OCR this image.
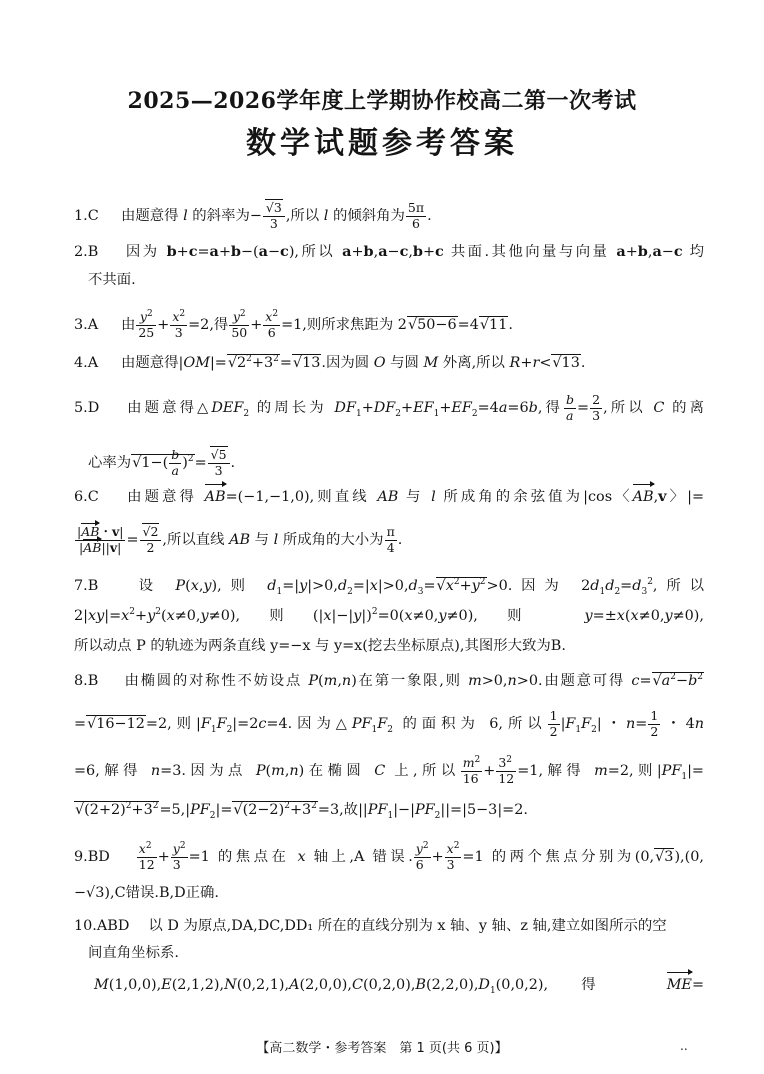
2025—2026学年度上学期协作校高二第一次考试
数学试题参考答案
1.C 　由题意得 l 的斜率为− $\frac{√3}{3}$ ,所以 l 的倾斜角为 $\frac{5\pi}{6}$ .
2.B 　因为 b+c=a+b−(a−c),所以 a+b,a−c,b+c 共面.其他向量与向量 a+b,a−c 均
不共面.
3.A 　由 $\frac{y^2}{25} + \frac{x^2}{3} =2$,得 $\frac{y^2}{50} + \frac{x^2}{6} =1$,则所求焦距为 2√50−6=4√11.
4.A 　由题意得$|OM|=√2^2+3^2=√13$.因为圆 O 与圆 M 外离,所以 R+r<√13.
5.D 　由题意得$\triangle DEF_2$ 的周长为 $DF_1+DF_2+EF_1+EF_2=4a=6b$,得 $\frac{b}{a} = \frac{2}{3}$ ,所以 C 的离
心率为$√1-( \frac{b}{a} )^2= \frac{√5}{3}$ .
6.C 　由题意得 AB=(−1,−1,0),则直线 AB 与 l 所成角的余弦值为|cos〈AB,v〉|=
$\frac{|AB・v|}{|AB||v|} = \frac{√2}{2}$ ,所以直线 AB 与 l 所成角的大小为 $\frac{\pi}{4}$ .
7.B 　设 P(x,y),则 $d_1=|y|>0,d_2=|x|>0,d_3=√x^2+y^2>0$.因为 $2d_1d_2=d_3^2$,所以
$2|xy|=x^2+y^2(x\ne 0,y\ne 0)$,则$(|x|-|y|)^2=0(x\ne 0,y\ne 0)$,则 y=±x(x≠0,y≠0),
所以动点 P 的轨迹为两条直线 y=−x 与 y=x(挖去坐标原点),其图形大致为B.
8.B 　由椭圆的对称性不妨设点 P(m,n)在第一象限,则 m>0,n>0.由题意可得 $c=√a^2-b^2$
=√16−12=2,则$|F_1F_2|=2c=4$.因为$\triangle PF_1F_2$ 的面积为 6,所以 $\frac{1}{2} |F_1F_2|$・$n= \frac{1}{2}$ ・4n
=6,解得 n=3.因为点 P(m,n)在椭圆 C 上,所以 $\frac{m^2}{16} + \frac{3^2}{12} =1$,解得 m=2,则$|PF_1|=$
$√(2+2)^2+3^2=5,|PF_2|=√(2-2)^2+3^2=3$,故$||PF_1|-|PF_2||=|5-3|=2$.
9.BD 　 $\frac{x^2}{12} + \frac{y^2}{3} =1$ 的焦点在 x 轴上,A 错误. $\frac{y^2}{6} + \frac{x^2}{3} =1$ 的两个焦点分别为(0,√3),(0,
−√3),C错误.B,D正确.
10.ABD 　 以 D 为原点,DA,DC,DD₁ 所在的直线分别为 x 轴、y 轴、z 轴,建立如图所示的空
间直角坐标系.
$M(1,0,0),E(2,1,2),N(0,2,1),A(2,0,0),C(0,2,0),B(2,2,0),D_1(0,0,2)$,得 ME=
【高二数学・参考答案　第 1 页(共 6 页)】	..
